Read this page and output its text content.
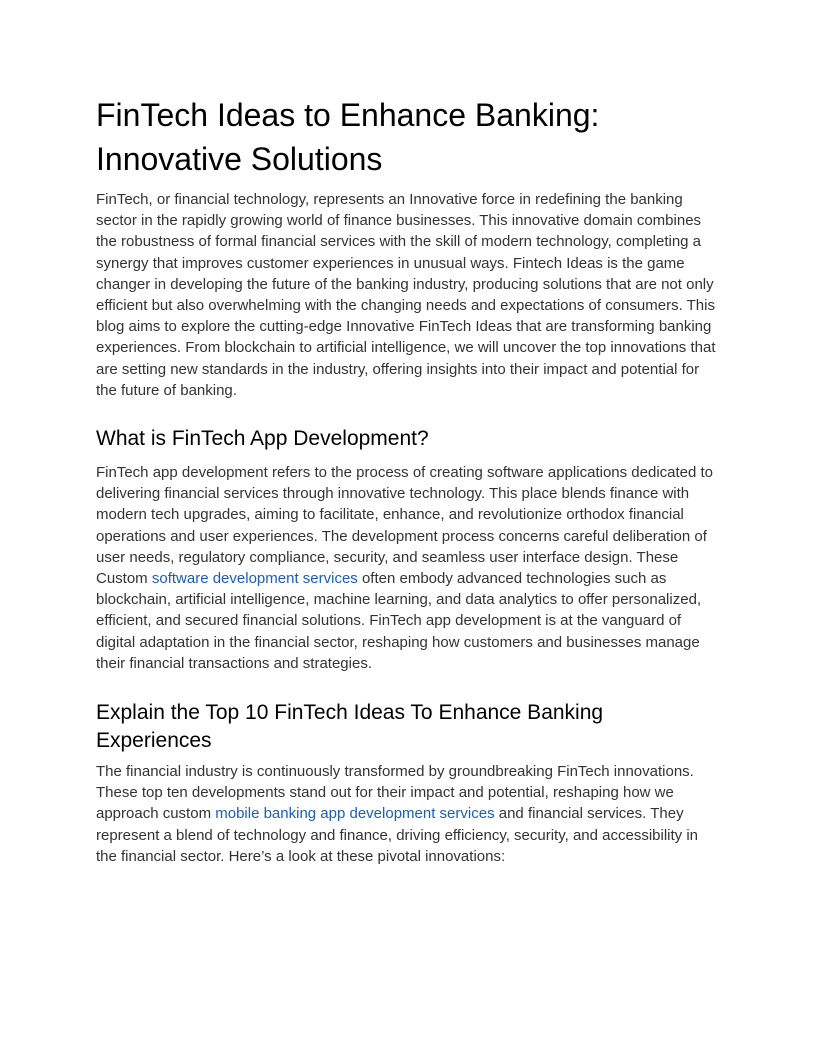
FinTech Ideas to Enhance Banking: Innovative Solutions

FinTech, or financial technology, represents an Innovative force in redefining the banking sector in the rapidly growing world of finance businesses. This innovative domain combines the robustness of formal financial services with the skill of modern technology, completing a synergy that improves customer experiences in unusual ways. Fintech Ideas is the game changer in developing the future of the banking industry, producing solutions that are not only efficient but also overwhelming with the changing needs and expectations of consumers. This blog aims to explore the cutting-edge Innovative FinTech Ideas that are transforming banking experiences. From blockchain to artificial intelligence, we will uncover the top innovations that are setting new standards in the industry, offering insights into their impact and potential for the future of banking.

What is FinTech App Development?

FinTech app development refers to the process of creating software applications dedicated to delivering financial services through innovative technology. This place blends finance with modern tech upgrades, aiming to facilitate, enhance, and revolutionize orthodox financial operations and user experiences. The development process concerns careful deliberation of user needs, regulatory compliance, security, and seamless user interface design. These Custom software development services often embody advanced technologies such as blockchain, artificial intelligence, machine learning, and data analytics to offer personalized, efficient, and secured financial solutions. FinTech app development is at the vanguard of digital adaptation in the financial sector, reshaping how customers and businesses manage their financial transactions and strategies.

Explain the Top 10 FinTech Ideas To Enhance Banking Experiences

The financial industry is continuously transformed by groundbreaking FinTech innovations. These top ten developments stand out for their impact and potential, reshaping how we approach custom mobile banking app development services and financial services. They represent a blend of technology and finance, driving efficiency, security, and accessibility in the financial sector. Here’s a look at these pivotal innovations:
